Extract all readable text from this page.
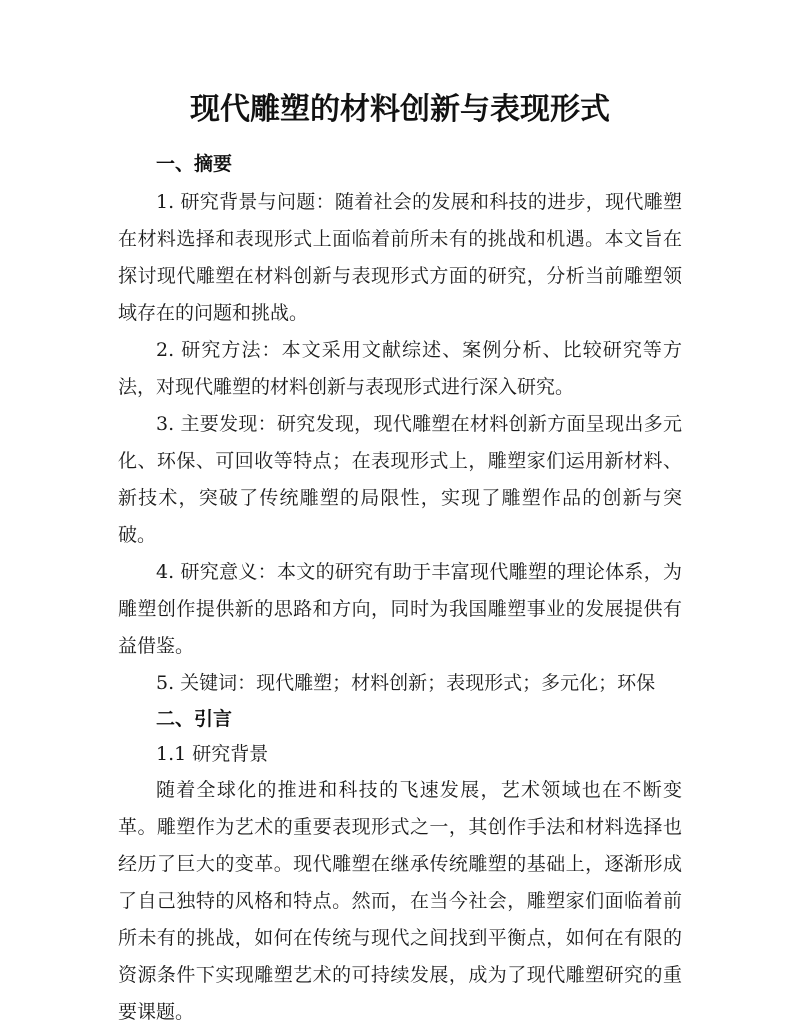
现代雕塑的材料创新与表现形式
一、摘要

1. 研究背景与问题：随着社会的发展和科技的进步，现代雕塑在材料选择和表现形式上面临着前所未有的挑战和机遇。本文旨在探讨现代雕塑在材料创新与表现形式方面的研究，分析当前雕塑领域存在的问题和挑战。

2. 研究方法：本文采用文献综述、案例分析、比较研究等方法，对现代雕塑的材料创新与表现形式进行深入研究。

3. 主要发现：研究发现，现代雕塑在材料创新方面呈现出多元化、环保、可回收等特点；在表现形式上，雕塑家们运用新材料、新技术，突破了传统雕塑的局限性，实现了雕塑作品的创新与突破。

4. 研究意义：本文的研究有助于丰富现代雕塑的理论体系，为雕塑创作提供新的思路和方向，同时为我国雕塑事业的发展提供有益借鉴。

5. 关键词：现代雕塑；材料创新；表现形式；多元化；环保

二、引言

1.1 研究背景

随着全球化的推进和科技的飞速发展，艺术领域也在不断变革。雕塑作为艺术的重要表现形式之一，其创作手法和材料选择也经历了巨大的变革。现代雕塑在继承传统雕塑的基础上，逐渐形成了自己独特的风格和特点。然而，在当今社会，雕塑家们面临着前所未有的挑战，如何在传统与现代之间找到平衡点，如何在有限的资源条件下实现雕塑艺术的可持续发展，成为了现代雕塑研究的重要课题。
